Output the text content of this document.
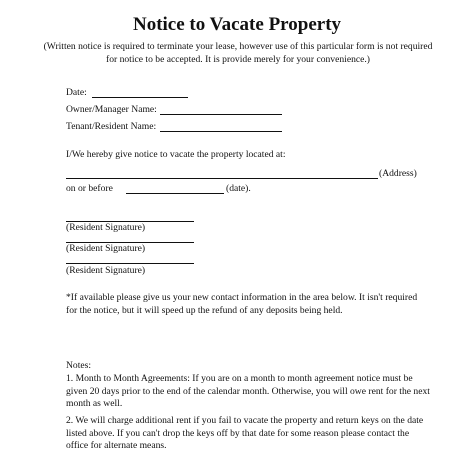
Notice to Vacate Property
(Written notice is required to terminate your lease, however use of this particular form is not required for notice to be accepted. It is provide merely for your convenience.)
Date:
Owner/Manager Name:
Tenant/Resident Name:
I/We hereby give notice to vacate the property located at:
(Address)
on or before	(date).
(Resident Signature)
(Resident Signature)
(Resident Signature)
*If available please give us your new contact information in the area below. It isn't required for the notice, but it will speed up the refund of any deposits being held.
Notes:
1. Month to Month Agreements: If you are on a month to month agreement notice must be given 20 days prior to the end of the calendar month. Otherwise, you will owe rent for the next month as well.
2. We will charge additional rent if you fail to vacate the property and return keys on the date listed above. If you can't drop the keys off by that date for some reason please contact the office for alternate means.
